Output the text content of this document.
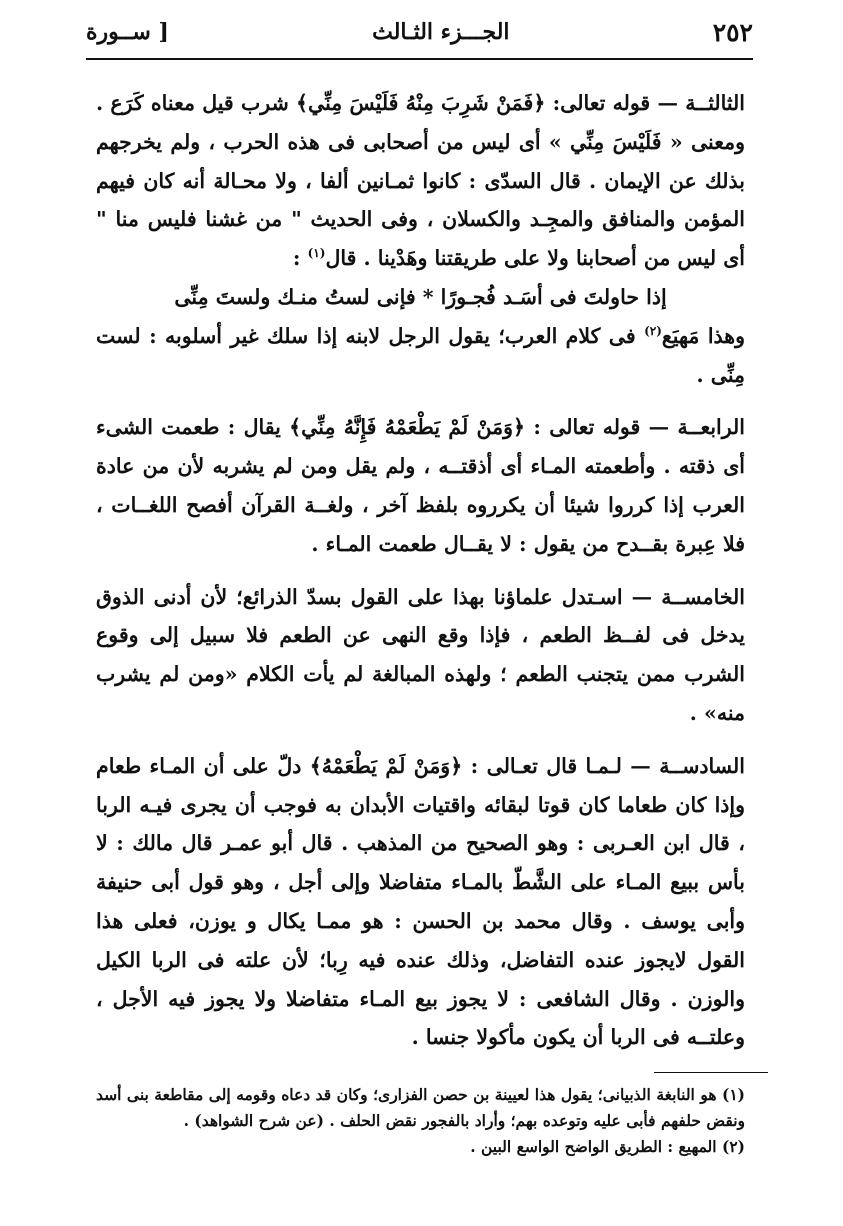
٢٥٢
الجـــزء الثـالث
[ ســورة

الثالثــة — قوله تعالى: ﴿فَمَنْ شَرِبَ مِنْهُ فَلَيْسَ مِنِّي﴾ شرب قيل معناه كَرَع . ومعنى « فَلَيْسَ مِنِّي » أى ليس من أصحابى فى هذه الحرب ، ولم يخرجهم بذلك عن الإيمان . قال السدّى : كانوا ثمـانين ألفا ، ولا محـالة أنه كان فيهم المؤمن والمنافق والمجِـد والكسلان ، وفى الحديث " من غشنا فليس منا " أى ليس من أصحابنا ولا على طريقتنا وهَدْينا . قال$^{(١)}$ :

إذا حاولتَ فى أسَـد فُجـورًا * فإنى لستُ منـك ولستَ مِنِّى

وهذا مَهيَع$^{(٢)}$ فى كلام العرب؛ يقول الرجل لابنه إذا سلك غير أسلوبه : لست مِنِّى .

الرابعــة — قوله تعالى : ﴿وَمَنْ لَمْ يَطْعَمْهُ فَإِنَّهُ مِنِّي﴾ يقال : طعمت الشىء أى ذقته . وأطعمته المـاء أى أذقتــه ، ولم يقل ومن لم يشربه لأن من عادة العرب إذا كرروا شيئا أن يكرروه بلفظ آخر ، ولغــة القرآن أفصح اللغــات ، فلا عِبرة بقــدح من يقول : لا يقــال طعمت المـاء .

الخامســة — اسـتدل علماؤنا بهذا على القول بسدّ الذرائع؛ لأن أدنى الذوق يدخل فى لفــظ الطعم ، فإذا وقع النهى عن الطعم فلا سبيل إلى وقوع الشرب ممن يتجنب الطعم ؛ ولهذه المبالغة لم يأت الكلام «ومن لم يشرب منه» .

السادســة — لـمـا قال تعـالى : ﴿وَمَنْ لَمْ يَطْعَمْهُ﴾ دلّ على أن المـاء طعام وإذا كان طعاما كان قوتا لبقائه واقتيات الأبدان به فوجب أن يجرى فيـه الربا ، قال ابن العـربى : وهو الصحيح من المذهب . قال أبو عمـر قال مالك : لا بأس ببيع المـاء على الشَّطّ بالمـاء متفاضلا وإلى أجل ، وهو قول أبى حنيفة وأبى يوسف . وقال محمد بن الحسن : هو ممـا يكال و يوزن، فعلى هذا القول لايجوز عنده التفاضل، وذلك عنده فيه رِبا؛ لأن علته فى الربا الكيل والوزن . وقال الشافعى : لا يجوز بيع المـاء متفاضلا ولا يجوز فيه الأجل ، وعلتــه فى الربا أن يكون مأكولا جنسا .

(١) هو النابغة الذبيانى؛ يقول هذا لعيينة بن حصن الفزارى؛ وكان قد دعاه وقومه إلى مقاطعة بنى أسد ونقض حلفهم فأبى عليه وتوعده بهم؛ وأراد بالفجور نقض الحلف . (عن شرح الشواهد) .

(٢) المهيع : الطريق الواضح الواسع البين .
